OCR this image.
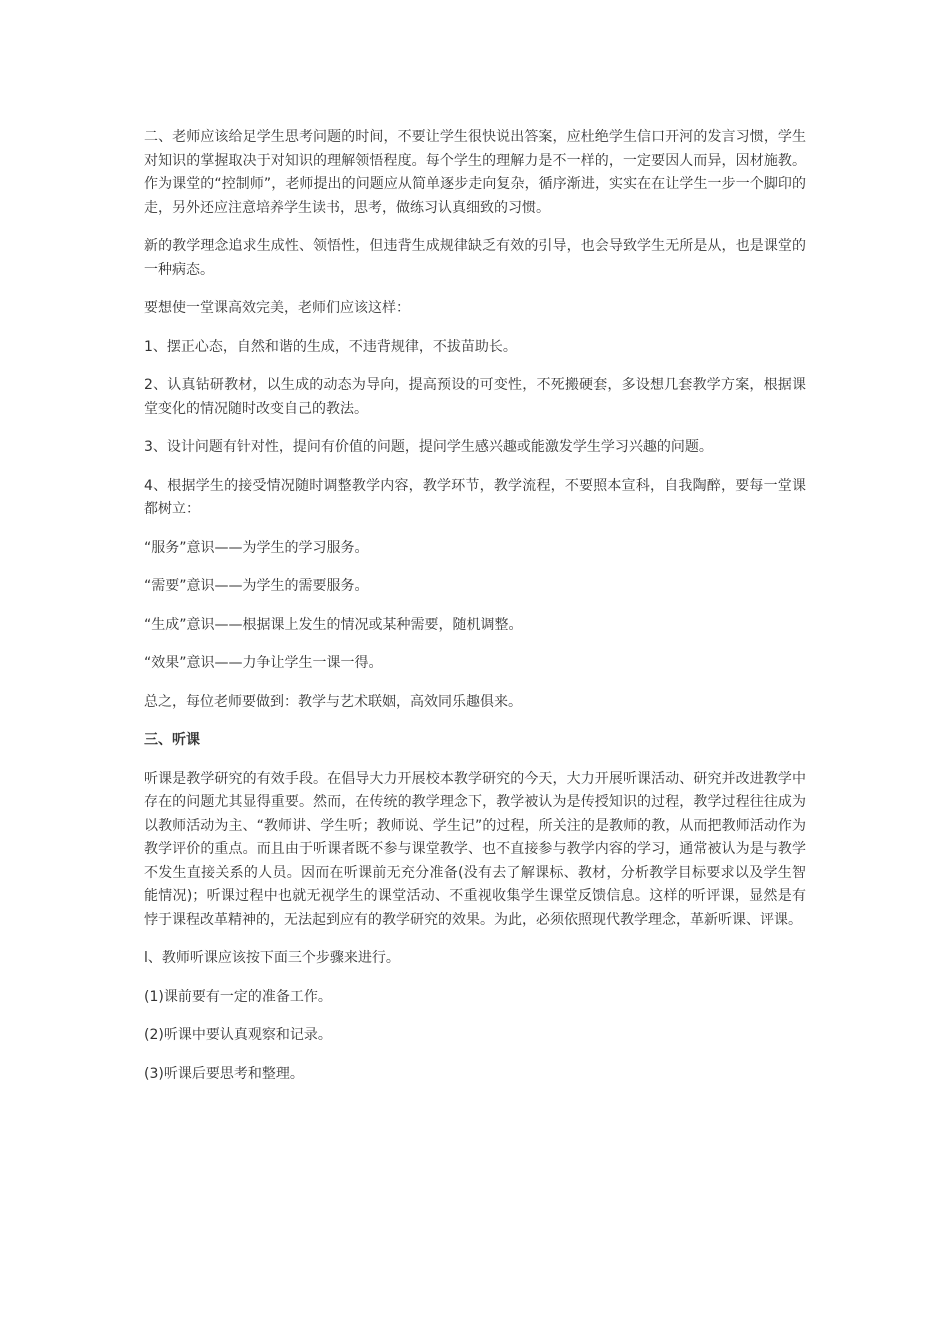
二、老师应该给足学生思考问题的时间，不要让学生很快说出答案，应杜绝学生信口开河的发言习惯，学生对知识的掌握取决于对知识的理解领悟程度。每个学生的理解力是不一样的，一定要因人而异，因材施教。作为课堂的“控制师”，老师提出的问题应从简单逐步走向复杂，循序渐进，实实在在让学生一步一个脚印的走，另外还应注意培养学生读书，思考，做练习认真细致的习惯。

新的教学理念追求生成性、领悟性，但违背生成规律缺乏有效的引导，也会导致学生无所是从，也是课堂的一种病态。

要想使一堂课高效完美，老师们应该这样：

1、摆正心态，自然和谐的生成，不违背规律，不拔苗助长。

2、认真钻研教材，以生成的动态为导向，提高预设的可变性，不死搬硬套，多设想几套教学方案，根据课堂变化的情况随时改变自己的教法。

3、设计问题有针对性，提问有价值的问题，提问学生感兴趣或能激发学生学习兴趣的问题。

4、根据学生的接受情况随时调整教学内容，教学环节，教学流程，不要照本宣科，自我陶醉，要每一堂课都树立：

“服务”意识——为学生的学习服务。

“需要”意识——为学生的需要服务。

“生成”意识——根据课上发生的情况或某种需要，随机调整。

“效果”意识——力争让学生一课一得。

总之，每位老师要做到：教学与艺术联姻，高效同乐趣俱来。

三、听课

听课是教学研究的有效手段。在倡导大力开展校本教学研究的今天，大力开展听课活动、研究并改进教学中存在的问题尤其显得重要。然而，在传统的教学理念下，教学被认为是传授知识的过程，教学过程往往成为以教师活动为主、“教师讲、学生听；教师说、学生记”的过程，所关注的是教师的教，从而把教师活动作为教学评价的重点。而且由于听课者既不参与课堂教学、也不直接参与教学内容的学习，通常被认为是与教学不发生直接关系的人员。因而在听课前无充分准备(没有去了解课标、教材，分析教学目标要求以及学生智能情况)；听课过程中也就无视学生的课堂活动、不重视收集学生课堂反馈信息。这样的听评课，显然是有悖于课程改革精神的，无法起到应有的教学研究的效果。为此，必须依照现代教学理念，革新听课、评课。

l、教师听课应该按下面三个步骤来进行。

(1)课前要有一定的准备工作。

(2)听课中要认真观察和记录。

(3)听课后要思考和整理。
